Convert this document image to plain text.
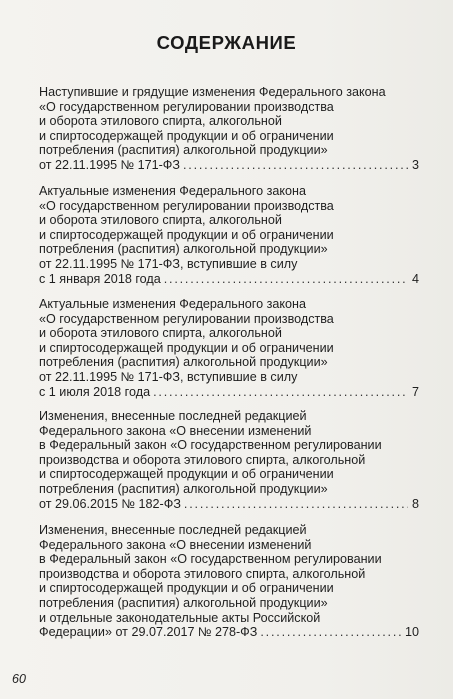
СОДЕРЖАНИЕ
Наступившие и грядущие изменения Федерального закона
«О государственном регулировании производства
и оборота этилового спирта, алкогольной
и спиртосодержащей продукции и об ограничении
потребления (распития) алкогольной продукции»
от 22.11.1995 № 171-ФЗ .....	3
Актуальные изменения Федерального закона
«О государственном регулировании производства
и оборота этилового спирта, алкогольной
и спиртосодержащей продукции и об ограничении
потребления (распития) алкогольной продукции»
от 22.11.1995 № 171-ФЗ, вступившие в силу
с 1 января 2018 года .....	4
Актуальные изменения Федерального закона
«О государственном регулировании производства
и оборота этилового спирта, алкогольной
и спиртосодержащей продукции и об ограничении
потребления (распития) алкогольной продукции»
от 22.11.1995 № 171-ФЗ, вступившие в силу
с 1 июля 2018 года .....	7
Изменения, внесенные последней редакцией
Федерального закона «О внесении изменений
в Федеральный закон «О государственном регулировании
производства и оборота этилового спирта, алкогольной
и спиртосодержащей продукции и об ограничении
потребления (распития) алкогольной продукции»
от 29.06.2015 № 182-ФЗ .....	8
Изменения, внесенные последней редакцией
Федерального закона «О внесении изменений
в Федеральный закон «О государственном регулировании
производства и оборота этилового спирта, алкогольной
и спиртосодержащей продукции и об ограничении
потребления (распития) алкогольной продукции»
и отдельные законодательные акты Российской
Федерации» от 29.07.2017 № 278-ФЗ .....	10
60
